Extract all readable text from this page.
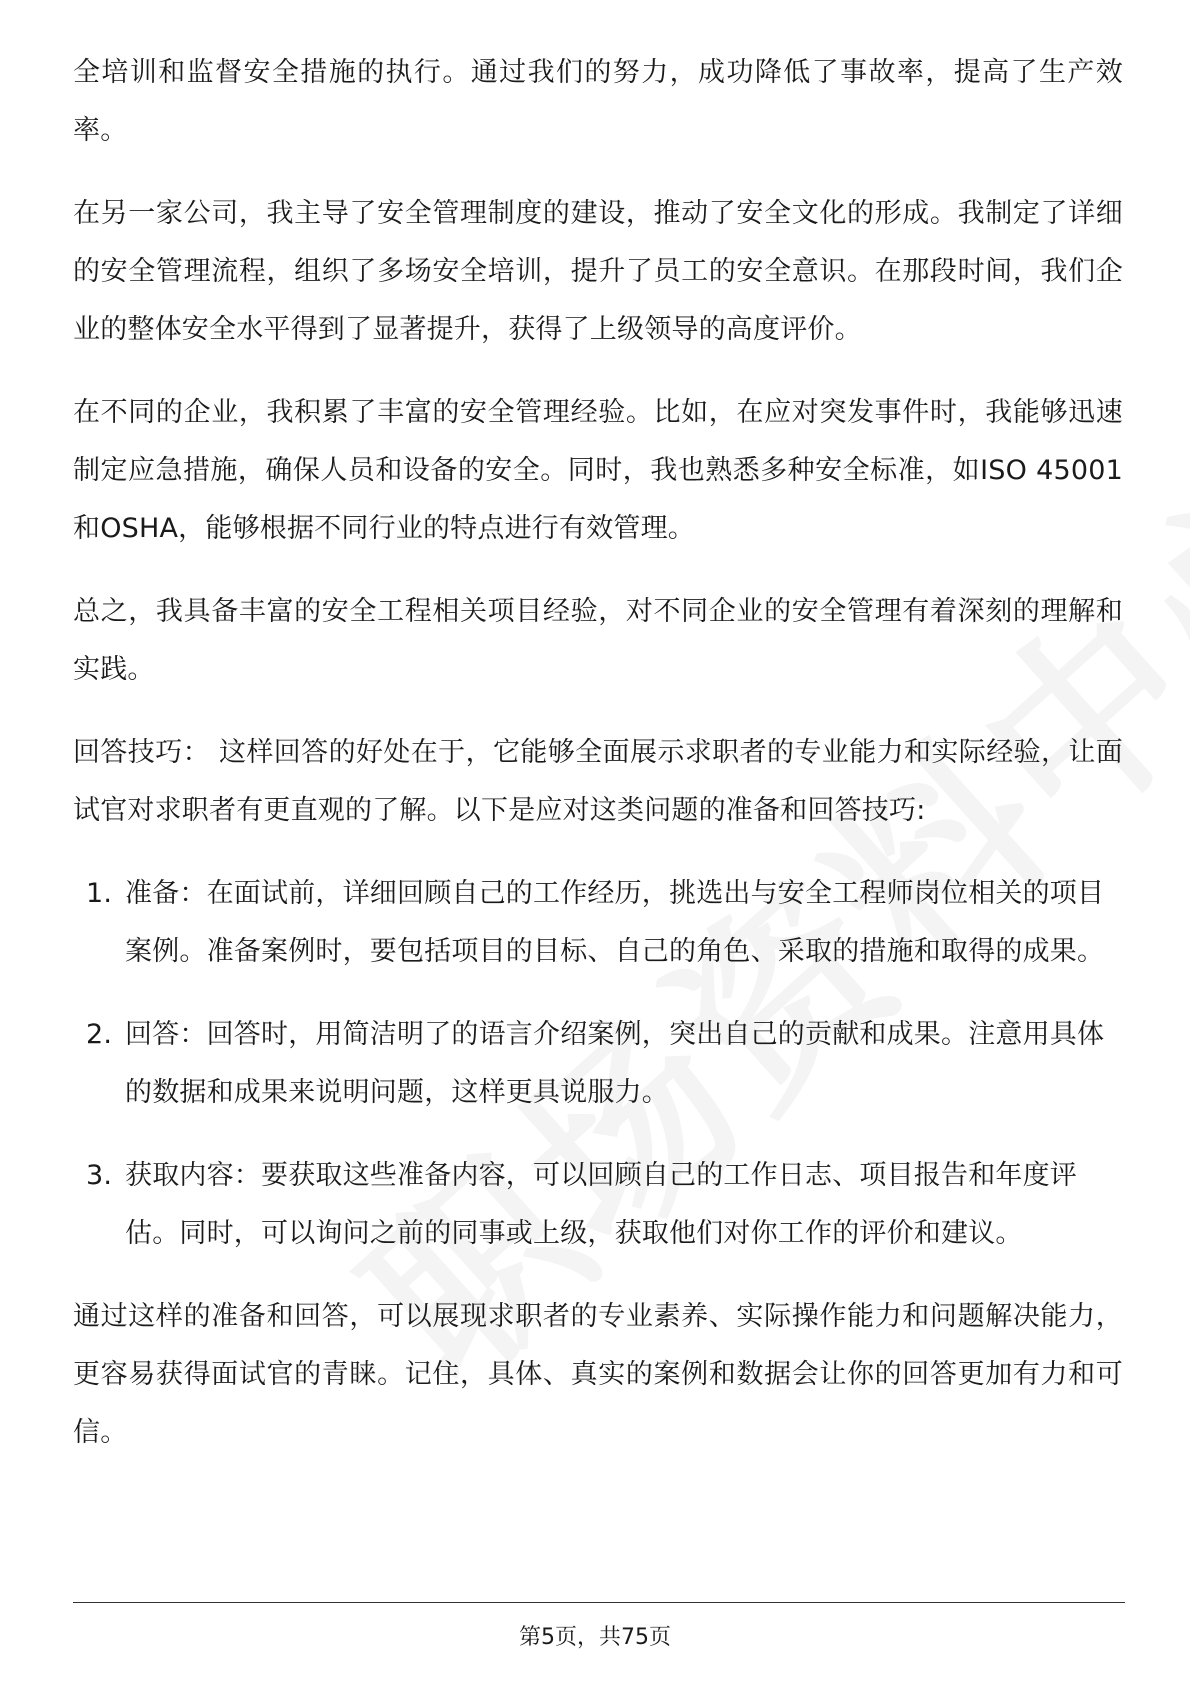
全培训和监督安全措施的执行。通过我们的努力，成功降低了事故率，提高了生产效率。

在另一家公司，我主导了安全管理制度的建设，推动了安全文化的形成。我制定了详细的安全管理流程，组织了多场安全培训，提升了员工的安全意识。在那段时间，我们企业的整体安全水平得到了显著提升，获得了上级领导的高度评价。

在不同的企业，我积累了丰富的安全管理经验。比如，在应对突发事件时，我能够迅速制定应急措施，确保人员和设备的安全。同时，我也熟悉多种安全标准，如ISO 45001和OSHA，能够根据不同行业的特点进行有效管理。

总之，我具备丰富的安全工程相关项目经验，对不同企业的安全管理有着深刻的理解和实践。

回答技巧： 这样回答的好处在于，它能够全面展示求职者的专业能力和实际经验，让面试官对求职者有更直观的了解。以下是应对这类问题的准备和回答技巧:

1. 准备：在面试前，详细回顾自己的工作经历，挑选出与安全工程师岗位相关的项目案例。准备案例时，要包括项目的目标、自己的角色、采取的措施和取得的成果。
2. 回答：回答时，用简洁明了的语言介绍案例，突出自己的贡献和成果。注意用具体的数据和成果来说明问题，这样更具说服力。
3. 获取内容：要获取这些准备内容，可以回顾自己的工作日志、项目报告和年度评估。同时，可以询问之前的同事或上级，获取他们对你工作的评价和建议。

通过这样的准备和回答，可以展现求职者的专业素养、实际操作能力和问题解决能力，更容易获得面试官的青睐。记住，具体、真实的案例和数据会让你的回答更加有力和可信。

第5页，共75页
